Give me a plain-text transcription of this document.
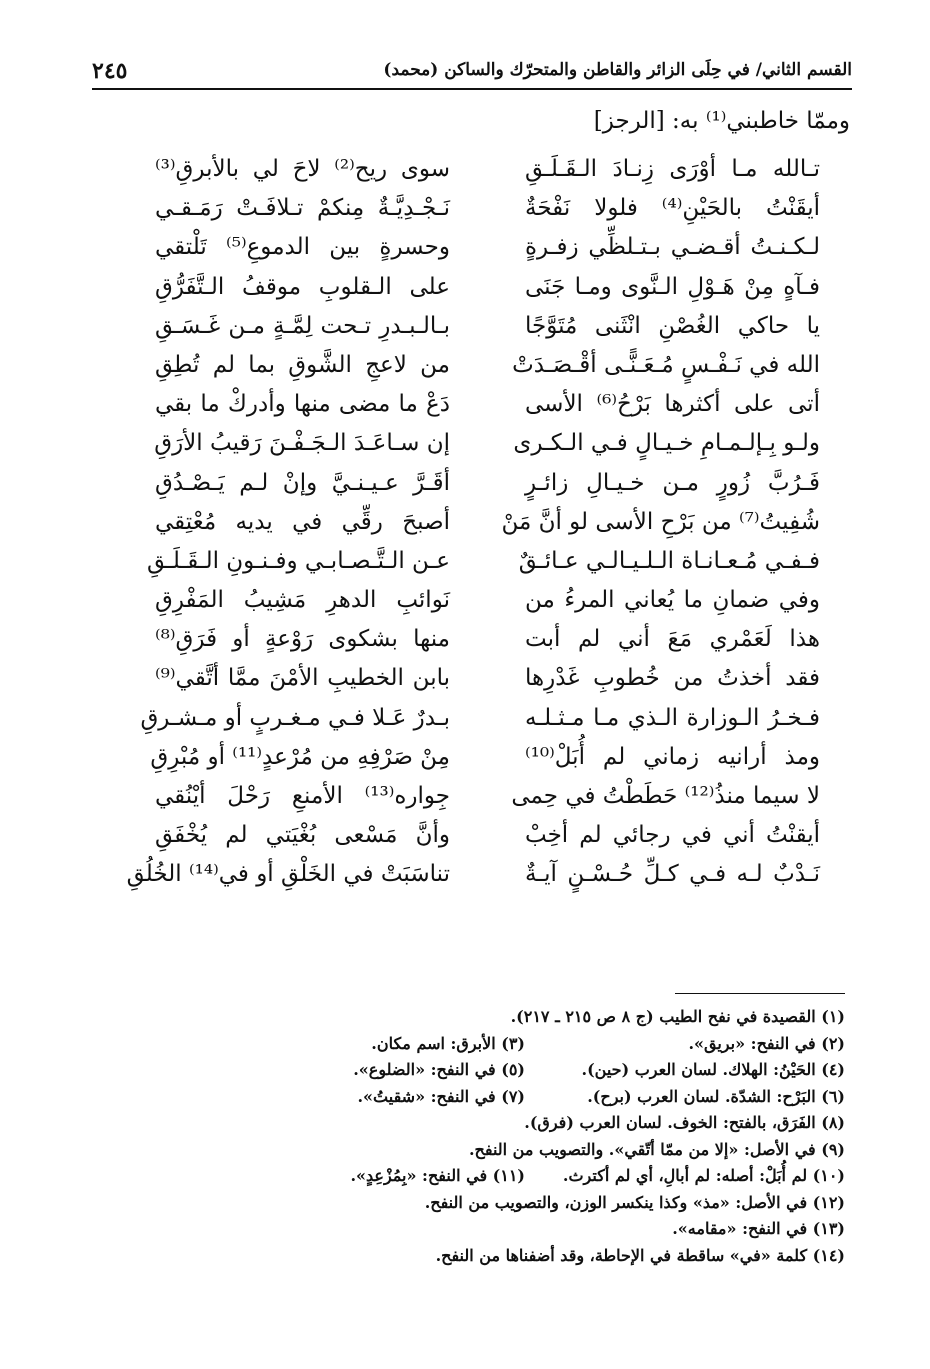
القسم الثاني/ في حِلَى الزائر والقاطن والمتحرّك والساكن (محمد)
٢٤٥
وممّا خاطبني⁽¹⁾ به: [الرجز]
تـالله مـا أوْرَى زِنـادَ الـقَـلَـقِ
سوى ريح⁽²⁾ لاحَ لي بالأبرقِ⁽³⁾
أيقَنْتُ بالحَيْنِ⁽⁴⁾ فلولا نَفْحَةٌ
نَـجْـدِيَّـةٌ مِنكمْ تـلافَـتْ رَمَـقـي
لـكـنـتُ أقـضـي بـتـلظِّي زفـرةٍ
وحسرةٍ بين الدموعِ⁽⁵⁾ تَلْتقي
فـآهٍ مِنْ هَـوْلِ الـنَّوى ومـا جَنَى
على الـقلوبِ موقفُ الـتَّفَرُّقِ
يا حاكي الغُصْنِ انْثَنى مُتَوَّجًا
بـالـبـدرِ تـحت لِمَّـةٍ مـن غَـسَـقِ
الله في نَـفْـسٍ مُـعَـنًّـى أقْـصَـدَتْ
من لاعجِ الشَّوقِ بما لم تُطِقِ
أتى على أكثرها بَرْحُ⁽⁶⁾ الأسى
دَعْ ما مضى منها وأدركْ ما بقي
ولـو بِـإلـمـامِ خـيـالٍ فـي الـكـرى
إن سـاعَـدَ الـجَـفْـنَ رَقيبُ الأرَقِ
فَـرُبَّ زُورٍ مـن خـيـالِ زائـرٍ
أقَـرَّ عـيـنـيَّ وإنْ لـم يَـصْـدُقِ
شُفِيتُ⁽⁷⁾ من بَرْحِ الأسى لو أنَّ مَنْ
أصبحَ رقِّي في يديه مُعْتِقي
فـفـي مُـعـانـاة الـلـيـالـي عـائـقٌ
عـن الـتَّـصـابـي وفـنـونِ الـقَـلَـقِ
وفي ضمانِ ما يُعاني المرءُ من
نَوائبِ الدهرِ مَشِيبُ المَفْرِقِ
هذا لَعَمْري مَعَ أني لم أبت
منها بشكوى رَوْعةٍ أو فَرَقِ⁽⁸⁾
فقد أخذتُ من خُطوبِ غَدْرِها
بابن الخطيبِ الأمْنَ ممَّا أتَّقي⁽⁹⁾
فـخـرُ الـوزارة الـذي مـا مـثـلـه
بـدرٌ عَـلا فـي مـغـربٍ أو مـشـرقِ
ومذ أرانيه زماني لم أُبَلْ⁽¹⁰⁾
مِنْ صَرْفِهِ من مُرْعدٍ⁽¹¹⁾ أو مُبْرِقِ
لا سيما منذُ⁽¹²⁾ حَطَطْتُ في حِمى
جِواره⁽¹³⁾ الأمنعِ رَحْلَ أيْنُقي
أيقنْتُ أني في رجائي لم أخِبْ
وأنَّ مَسْعى بُغْيَتي لم يُخْفَقِ
نَـدْبٌ لـه فـي كـلِّ حُـسْـنٍ آيـةٌ
تناسَبَتْ في الخَلْقِ أو في⁽¹⁴⁾ الخُلُقِ
(١) القصيدة في نفح الطيب (ج ٨ ص ٢١٥ ـ ٢١٧).
(٢) في النفح: «بريق».
(٣) الأبرق: اسم مكان.
(٤) الحَيْنُ: الهلاك. لسان العرب (حين).
(٥) في النفح: «الضلوع».
(٦) البَرْح: الشدّة. لسان العرب (برح).
(٧) في النفح: «شقيتُ».
(٨) الفَرَق، بالفتح: الخوف. لسان العرب (فرق).
(٩) في الأصل: «إلا من ممّا أتّقي». والتصويب من النفح.
(١٠) لم أُبَلْ: أصله: لم أبالِ، أي لم أكترث.
(١١) في النفح: «بِمُزْعِدٍ».
(١٢) في الأصل: «مذ» وكذا ينكسر الوزن، والتصويب من النفح.
(١٣) في النفح: «مقامه».
(١٤) كلمة «في» ساقطة في الإحاطة، وقد أضفناها من النفح.
